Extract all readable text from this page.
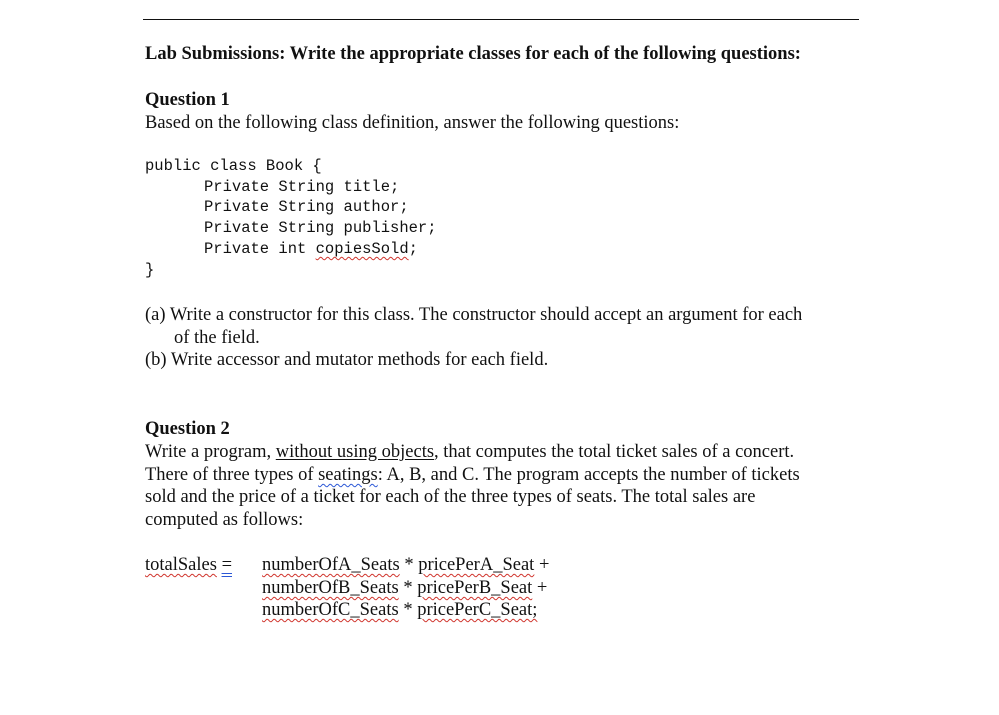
Lab Submissions: Write the appropriate classes for each of the following questions:
Question 1
Based on the following class definition, answer the following questions:
public class Book {
Private String title;
Private String author;
Private String publisher;
Private int copiesSold;
}
(a) Write a constructor for this class. The constructor should accept an argument for each
of the field.
(b) Write accessor and mutator methods for each field.
Question 2
Write a program, without using objects, that computes the total ticket sales of a concert.
There of three types of seatings: A, B, and C. The program accepts the number of tickets
sold and the price of a ticket for each of the three types of seats. The total sales are
computed as follows:
totalSales = numberOfA_Seats * pricePerA_Seat +
numberOfB_Seats * pricePerB_Seat +
numberOfC_Seats * pricePerC_Seat;
